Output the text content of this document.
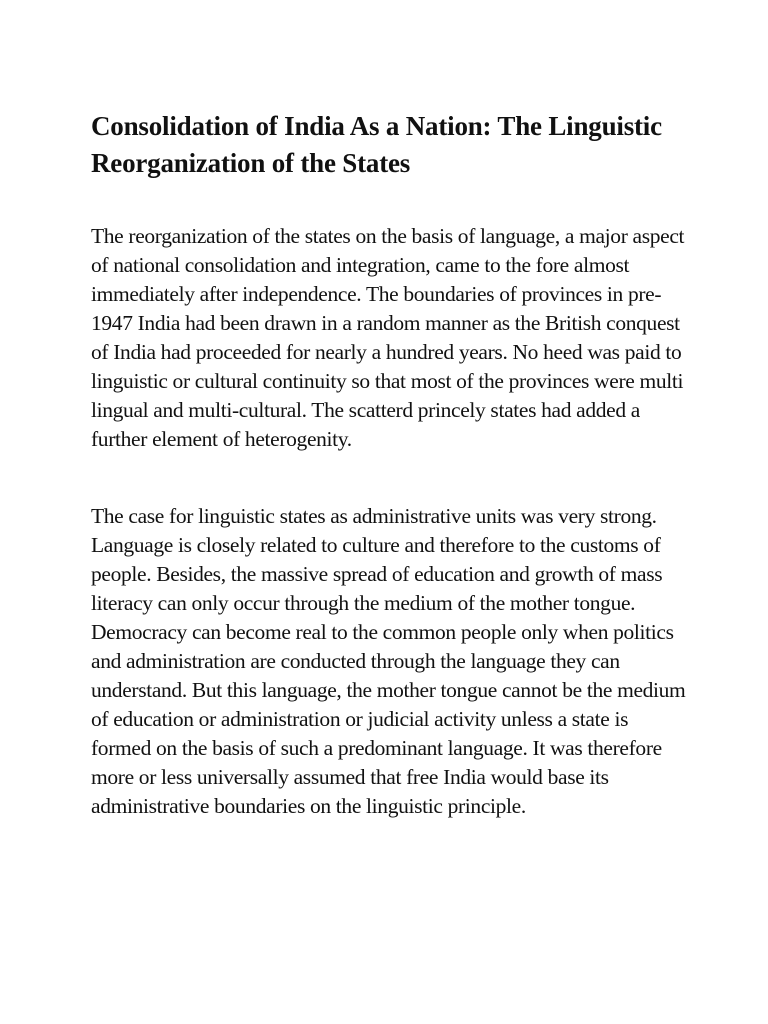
Consolidation of India As a Nation: The Linguistic Reorganization of the States

The reorganization of the states on the basis of language, a major aspect of national consolidation and integration, came to the fore almost immediately after independence. The boundaries of provinces in pre-1947 India had been drawn in a random manner as the British conquest of India had proceeded for nearly a hundred years. No heed was paid to linguistic or cultural continuity so that most of the provinces were multi lingual and multi-cultural. The scatterd princely states had added a further element of heterogenity.

The case for linguistic states as administrative units was very strong. Language is closely related to culture and therefore to the customs of people. Besides, the massive spread of education and growth of mass literacy can only occur through the medium of the mother tongue. Democracy can become real to the common people only when politics and administration are conducted through the language they can understand. But this language, the mother tongue cannot be the medium of education or administration or judicial activity unless a state is formed on the basis of such a predominant language. It was therefore more or less universally assumed that free India would base its administrative boundaries on the linguistic principle.
